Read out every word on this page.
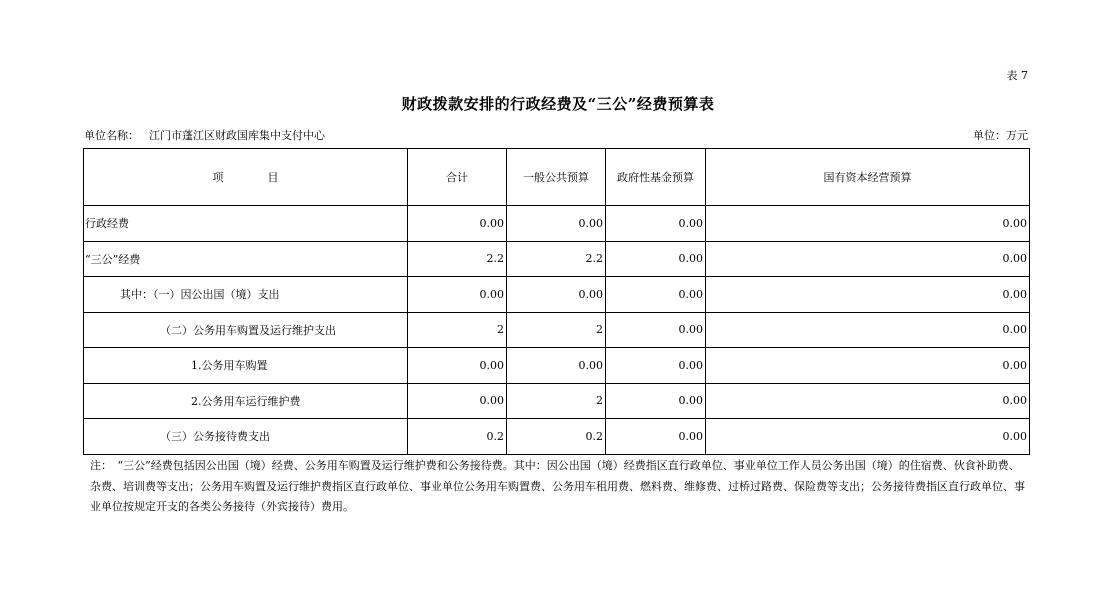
表 7
财政拨款安排的行政经费及“三公”经费预算表
单位名称： 江门市蓬江区财政国库集中支付中心	单位：万元
项　　　　目	合计	一般公共预算	政府性基金预算	国有资本经营预算
行政经费	0.00	0.00	0.00	0.00
“三公”经费	2.2	2.2	0.00	0.00
其中：（一）因公出国（境）支出	0.00	0.00	0.00	0.00
（二）公务用车购置及运行维护支出	2	2	0.00	0.00
1.公务用车购置	0.00	0.00	0.00	0.00
2.公务用车运行维护费	0.00	2	0.00	0.00
（三）公务接待费支出	0.2	0.2	0.00	0.00
注：　“三公”经费包括因公出国（境）经费、公务用车购置及运行维护费和公务接待费。其中：因公出国（境）经费指区直行政单位、事业单位工作人员公务出国（境）的住宿费、伙食补助费、杂费、培训费等支出；公务用车购置及运行维护费指区直行政单位、事业单位公务用车购置费、公务用车租用费、燃料费、维修费、过桥过路费、保险费等支出；公务接待费指区直行政单位、事业单位按规定开支的各类公务接待（外宾接待）费用。
